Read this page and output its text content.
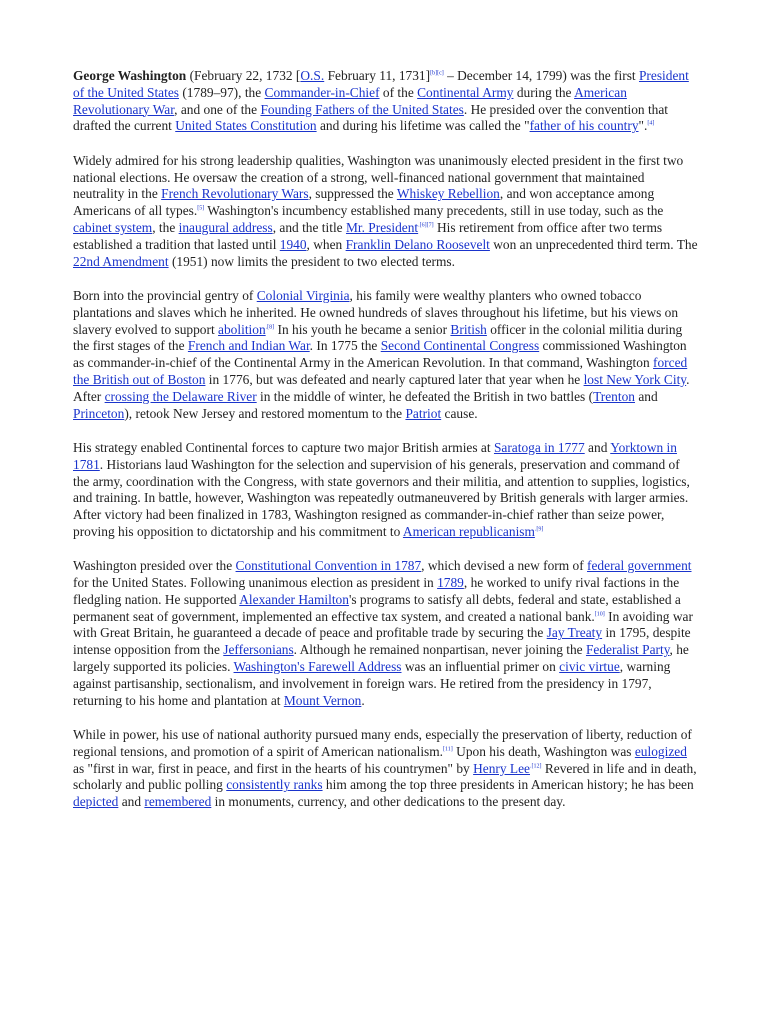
George Washington (February 22, 1732 [O.S. February 11, 1731][b][c] – December 14, 1799) was the first President of the United States (1789–97), the Commander-in-Chief of the Continental Army during the American Revolutionary War, and one of the Founding Fathers of the United States. He presided over the convention that drafted the current United States Constitution and during his lifetime was called the "father of his country".[4]

Widely admired for his strong leadership qualities, Washington was unanimously elected president in the first two national elections. He oversaw the creation of a strong, well-financed national government that maintained neutrality in the French Revolutionary Wars, suppressed the Whiskey Rebellion, and won acceptance among Americans of all types.[5] Washington's incumbency established many precedents, still in use today, such as the cabinet system, the inaugural address, and the title Mr. President$^{.[6][7]}$ His retirement from office after two terms established a tradition that lasted until 1940, when Franklin Delano Roosevelt won an unprecedented third term. The 22nd Amendment (1951) now limits the president to two elected terms.

Born into the provincial gentry of Colonial Virginia, his family were wealthy planters who owned tobacco plantations and slaves which he inherited. He owned hundreds of slaves throughout his lifetime, but his views on slavery evolved to support abolition$^{.[8]}$ In his youth he became a senior British officer in the colonial militia during the first stages of the French and Indian War. In 1775 the Second Continental Congress commissioned Washington as commander-in-chief of the Continental Army in the American Revolution. In that command, Washington forced the British out of Boston in 1776, but was defeated and nearly captured later that year when he lost New York City. After crossing the Delaware River in the middle of winter, he defeated the British in two battles (Trenton and Princeton), retook New Jersey and restored momentum to the Patriot cause.

His strategy enabled Continental forces to capture two major British armies at Saratoga in 1777 and Yorktown in 1781. Historians laud Washington for the selection and supervision of his generals, preservation and command of the army, coordination with the Congress, with state governors and their militia, and attention to supplies, logistics, and training. In battle, however, Washington was repeatedly outmaneuvered by British generals with larger armies. After victory had been finalized in 1783, Washington resigned as commander-in-chief rather than seize power, proving his opposition to dictatorship and his commitment to American republicanism$^{.[9]}$

Washington presided over the Constitutional Convention in 1787, which devised a new form of federal government for the United States. Following unanimous election as president in 1789, he worked to unify rival factions in the fledgling nation. He supported Alexander Hamilton's programs to satisfy all debts, federal and state, established a permanent seat of government, implemented an effective tax system, and created a national bank.[10] In avoiding war with Great Britain, he guaranteed a decade of peace and profitable trade by securing the Jay Treaty in 1795, despite intense opposition from the Jeffersonians. Although he remained nonpartisan, never joining the Federalist Party, he largely supported its policies. Washington's Farewell Address was an influential primer on civic virtue, warning against partisanship, sectionalism, and involvement in foreign wars. He retired from the presidency in 1797, returning to his home and plantation at Mount Vernon.

While in power, his use of national authority pursued many ends, especially the preservation of liberty, reduction of regional tensions, and promotion of a spirit of American nationalism.[11] Upon his death, Washington was eulogized as "first in war, first in peace, and first in the hearts of his countrymen" by Henry Lee$^{.[12]}$ Revered in life and in death, scholarly and public polling consistently ranks him among the top three presidents in American history; he has been depicted and remembered in monuments, currency, and other dedications to the present day.
